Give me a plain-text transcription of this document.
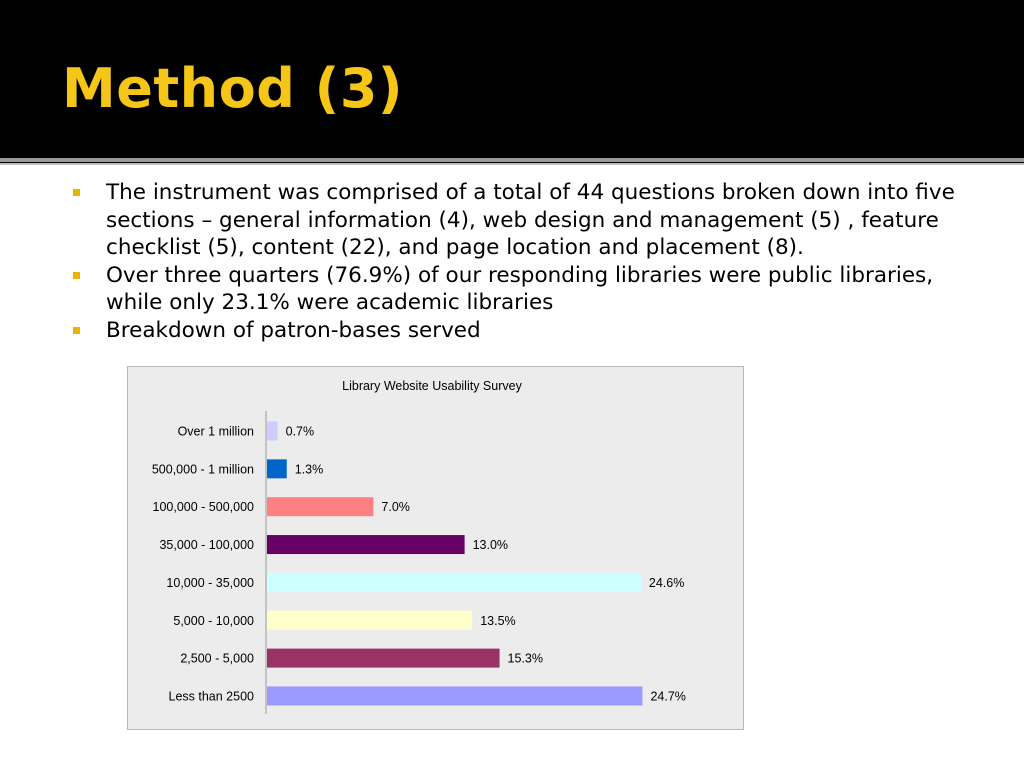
Method (3)
The instrument was comprised of a total of 44 questions broken down into five sections – general information (4), web design and management (5) , feature checklist (5), content (22), and page location and placement (8).
Over three quarters (76.9%) of our responding libraries were public libraries, while only 23.1% were academic libraries
Breakdown of patron-bases served
Library Website Usability Survey
Over 1 million	0.7%
500,000 - 1 million	1.3%
100,000 - 500,000	7.0%
35,000 - 100,000	13.0%
10,000 - 35,000	24.6%
5,000 - 10,000	13.5%
2,500 - 5,000	15.3%
Less than 2500	24.7%
